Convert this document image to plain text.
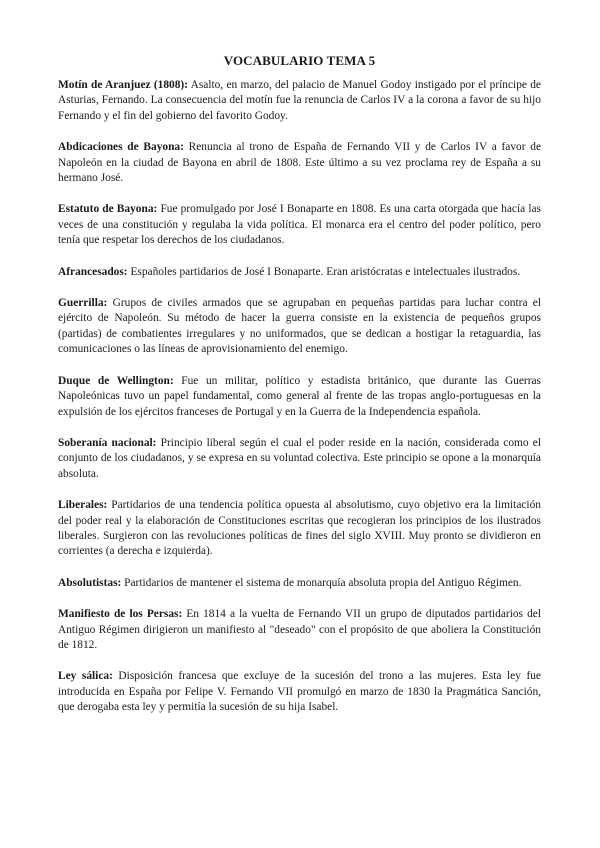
VOCABULARIO TEMA 5

Motín de Aranjuez (1808): Asalto, en marzo, del palacio de Manuel Godoy instigado por el príncipe de Asturias, Fernando. La consecuencia del motín fue la renuncia de Carlos IV a la corona a favor de su hijo Fernando y el fin del gobierno del favorito Godoy.

Abdicaciones de Bayona: Renuncia al trono de España de Fernando VII y de Carlos IV a favor de Napoleón en la ciudad de Bayona en abril de 1808. Este último a su vez proclama rey de España a su hermano José.

Estatuto de Bayona: Fue promulgado por José I Bonaparte en 1808. Es una carta otorgada que hacía las veces de una constitución y regulaba la vida política. El monarca era el centro del poder político, pero tenía que respetar los derechos de los ciudadanos.

Afrancesados: Españoles partidarios de José I Bonaparte. Eran aristócratas e intelectuales ilustrados.

Guerrilla: Grupos de civiles armados que se agrupaban en pequeñas partidas para luchar contra el ejército de Napoleón. Su método de hacer la guerra consiste en la existencia de pequeños grupos (partidas) de combatientes irregulares y no uniformados, que se dedican a hostigar la retaguardia, las comunicaciones o las líneas de aprovisionamiento del enemigo.

Duque de Wellington: Fue un militar, político y estadista británico, que durante las Guerras Napoleónicas tuvo un papel fundamental, como general al frente de las tropas anglo-portuguesas en la expulsión de los ejércitos franceses de Portugal y en la Guerra de la Independencia española.

Soberanía nacional: Principio liberal según el cual el poder reside en la nación, considerada como el conjunto de los ciudadanos, y se expresa en su voluntad colectiva. Este principio se opone a la monarquía absoluta.

Liberales: Partidarios de una tendencia política opuesta al absolutismo, cuyo objetivo era la limitación del poder real y la elaboración de Constituciones escritas que recogieran los principios de los ilustrados liberales. Surgieron con las revoluciones políticas de fines del siglo XVIII. Muy pronto se dividieron en corrientes (a derecha e izquierda).

Absolutistas: Partidarios de mantener el sistema de monarquía absoluta propia del Antiguo Régimen.

Manifiesto de los Persas: En 1814 a la vuelta de Fernando VII un grupo de diputados partidarios del Antiguo Régimen dirigieron un manifiesto al "deseado" con el propósito de que aboliera la Constitución de 1812.

Ley sálica: Disposición francesa que excluye de la sucesión del trono a las mujeres. Esta ley fue introducida en España por Felipe V. Fernando VII promulgó en marzo de 1830 la Pragmática Sanción, que derogaba esta ley y permitía la sucesión de su hija Isabel.
